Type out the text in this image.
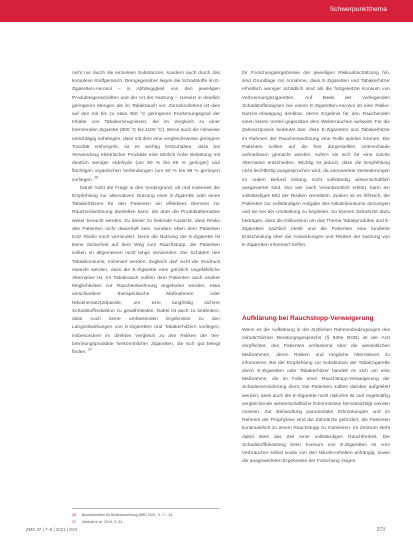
Schwerpunktthema

nicht nur durch die einzelnen Substanzen, sondern auch durch das komplexe Stoffgemisch. Demgegenüber liegen die Schadstoffe im E-Zigaretten-Aerosol – in Abhängigkeit von den jeweiligen Produkteigenschaften und der Art der Nutzung – zumeist in deutlich geringeren Mengen als im Tabakrauch vor. Zurückzuführen ist dies auf den mit bis zu etwa 350 °C geringeren Erwärmungsgrad der Inhalte von Tabakerzeugnissen, die im Vergleich zu einer brennenden Zigarette (800 °C bis 1100 °C). Wenn auch die Hinweise einschlägig nahelegen, dass mit dem eine vergleichsweise geringere Toxizität einhergeht, ist es wichtig festzuhalten, dass bei Verwendung elektrischer Produkte eine ähnlich hohe Belastung mit deutlich weniger Aldehyde (um 80 % bis 95 % geringer) und flüchtigen organischen Verbindungen (um 60 % bis 99 % geringer) vorliegen. $^{36}$

Damit rückt die Frage in den Vordergrund, ob und inwieweit die Empfehlung zur alternativen Nutzung einer E-Zigarette oder eines Tabakerhitzers für den Patienten ein effektives Element zur Rauchentwöhnung darstellen kann, die aber die Produktalternative weiter besucht werden. Zu dieser zu heilende Aussicht, dass Risiko des Patienten nicht dauerhaft sein, sondern eben dem Patienten trotz Risiko noch vermindert. Denn die Nutzung der E-Zigarette ist keine Sicherheit auf dem Weg zum Rauchstopp, die Patienten sollten im allgemeinen nicht lange verwenden. Die Schäden des Tabakkonsums, minimiert werden. Zugleich darf nicht der Eindruck erweckt werden, dass die E-Zigarette eine gänzlich ungefährliche Alternative ist. Im Tabakrauch sollten dem Patienten auch andere Möglichkeiten zur Rauchentwöhnung angeboten werden, etwa verschiedene therapeutische Maßnahmen oder Nikotinersatzpräparate, um eine langfristig sichere Schadstoffreduktion zu gewährleisten. Dabei ist auch zu bedenken, dass noch keine umfassenden Ergebnisse zu den Langzeitwirkungen von E-Zigaretten und Tabakerhitzern vorliegen, insbesondere im direkten Vergleich zu den Risiken der Verbrennungsprodukte herkömmlicher Zigaretten, die sich gut belegt finden. $^{37}$

für Forschungsergebnisse der jeweiligen Risikoabschätzung hin, sind Grundlage zur Annahme, dass E-Zigaretten und Tabakerhitzer erheblich weniger schädlich sind als die fortgesetzte Konsum von Verbrennungszigaretten. Auf Basis der vorliegenden Schadstoffanalysen bei einem E-Zigaretten-Aerosol ist eine Risiko-Nutzen-Abwägung denkbar, deren Ergebnis für den Rauchenden einen klaren Vorteil gegenüber dem Weiterrauchen aufweist. Für die Zahnarztpraxis bedeutet das, dass E-Zigaretten und Tabakerhitzer im Rahmen der Rauchentwöhnung eine Rolle spielen können. Die Patienten sollten auf die hier dargestellten Unterschiede aufmerksam gemacht werden, sofern sie sich für eine solche Alternative entscheiden. Wichtig ist jedoch, dass die Empfehlung nicht leichtfertig ausgesprochen wird, da unerwartete Veränderungen im oralen Befund bislang nicht vollständig wissenschaftlich ausgewertet sind. Nur wer nach Verantwortlich erklärt, kann ein vollständiges Bild der Risiken vermitteln. Zudem ist es hilfreich, die Patienten zur vollständigen Aufgabe des Nikotinkonsums anzuregen und sie bei der Umstellung zu begleiten. So können Zahnärzte dazu beitragen, dass die Diskussion um das Thema Tabakprodukte und E-Zigaretten sachlich bleibt und die Patienten eine fundierte Entscheidung über die Auswirkungen und Risiken der Nutzung von E-Zigaretten informiert treffen.

Aufklärung bei Rauchstopp-Verweigerung

Wenn es die Aufklärung in der ärztlichen Rahmenbedingungen des zahnärztlichen Beratungsgesprächs (§ 630e BGB) ist der Arzt verpflichtet, den Patienten umfassend über die wesentlichen Maßnahmen, deren Risiken und mögliche Alternativen zu informieren. Bei der Empfehlung zur Substitution der Tabakzigarette durch E-Zigaretten oder Tabakerhitzer handelt es sich um eine Maßnahme, die im Falle einer Rauchstopp-Verweigerung der Schadensminderung dient. Die Patienten sollten darüber aufgeklärt werden, dass auch die E-Zigarette nicht risikofrei ist und regelmäßig vergleichende wissenschaftliche Erkenntnisse berücksichtigt werden müssen. Zur Behandlung parodontaler Erkrankungen und im Rahmen der Prophylaxe sind die Zahnärzte gefordert, die Patienten kontinuierlich zu einem Rauchstopp zu motivieren. Im Zentrum steht dabei stets das Ziel einer vollständigen Rauchfreiheit. Die Schadstoffbelastung beim Konsum von E-Zigaretten ist vom Verbraucher selbst sowie von den Nikotin-Inhalten anhängig, sowie die ausgewerteten Ergebnisse der Forschung zeigen.

36	Bundesinstitut für Risikobewertung (BfR) 2021, S. 7 – 14.
37	Mallock et al. 2019, S. 61.
ZMK 37 | 7–8 | 2021 | DOI	373
